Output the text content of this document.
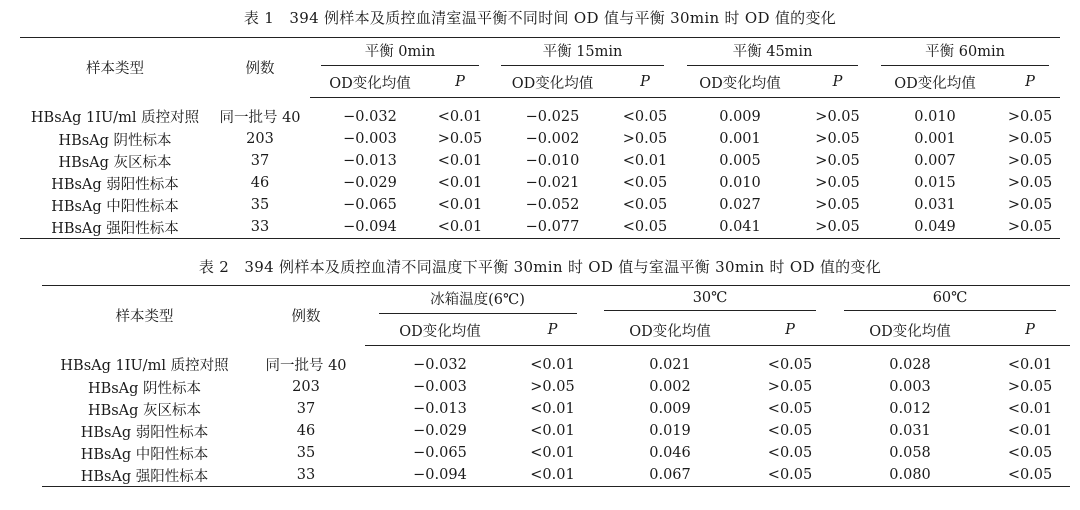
表 1　394 例样本及质控血清室温平衡不同时间 OD 值与平衡 30min 时 OD 值的变化
样本类型	例数	平衡 0min		平衡 15min		平衡 45min		平衡 60min	
		OD变化均值	P	OD变化均值	P	OD变化均值	P	OD变化均值	P
HBsAg 1IU/ml 质控对照	同一批号 40	−0.032	<0.01	−0.025	<0.05	0.009	>0.05	0.010	>0.05
HBsAg 阴性标本	203	−0.003	>0.05	−0.002	>0.05	0.001	>0.05	0.001	>0.05
HBsAg 灰区标本	37	−0.013	<0.01	−0.010	<0.01	0.005	>0.05	0.007	>0.05
HBsAg 弱阳性标本	46	−0.029	<0.01	−0.021	<0.05	0.010	>0.05	0.015	>0.05
HBsAg 中阳性标本	35	−0.065	<0.01	−0.052	<0.05	0.027	>0.05	0.031	>0.05
HBsAg 强阳性标本	33	−0.094	<0.01	−0.077	<0.05	0.041	>0.05	0.049	>0.05
表 2　394 例样本及质控血清不同温度下平衡 30min 时 OD 值与室温平衡 30min 时 OD 值的变化
样本类型	例数	冰箱温度(6℃)		30℃		60℃	
		OD变化均值	P	OD变化均值	P	OD变化均值	P
HBsAg 1IU/ml 质控对照	同一批号 40	−0.032	<0.01	0.021	<0.05	0.028	<0.01
HBsAg 阴性标本	203	−0.003	>0.05	0.002	>0.05	0.003	>0.05
HBsAg 灰区标本	37	−0.013	<0.01	0.009	<0.05	0.012	<0.01
HBsAg 弱阳性标本	46	−0.029	<0.01	0.019	<0.05	0.031	<0.01
HBsAg 中阳性标本	35	−0.065	<0.01	0.046	<0.05	0.058	<0.05
HBsAg 强阳性标本	33	−0.094	<0.01	0.067	<0.05	0.080	<0.05
